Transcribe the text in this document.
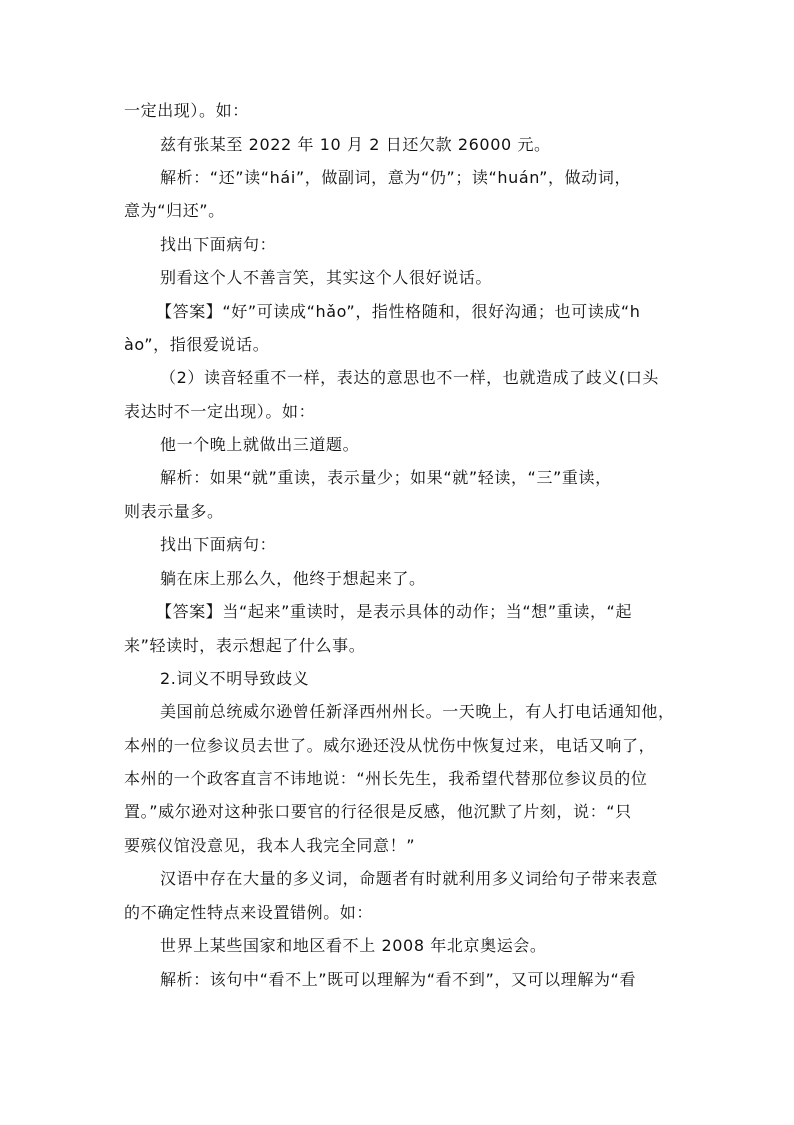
一定出现）。如：
兹有张某至 2022 年 10 月 2 日还欠款 26000 元。
解析：“还”读“hái”，做副词，意为“仍”；读“huán”，做动词，
意为“归还”。
找出下面病句：
别看这个人不善言笑，其实这个人很好说话。
【答案】“好”可读成“hǎo”，指性格随和，很好沟通；也可读成“h
ào”，指很爱说话。
（2）读音轻重不一样，表达的意思也不一样，也就造成了歧义(口头
表达时不一定出现）。如：
他一个晚上就做出三道题。
解析：如果“就”重读，表示量少；如果“就”轻读，“三”重读，
则表示量多。
找出下面病句：
躺在床上那么久，他终于想起来了。
【答案】当“起来”重读时，是表示具体的动作；当“想”重读，“起
来”轻读时，表示想起了什么事。
2.词义不明导致歧义
美国前总统威尔逊曾任新泽西州州长。一天晚上，有人打电话通知他，
本州的一位参议员去世了。威尔逊还没从忧伤中恢复过来，电话又响了，
本州的一个政客直言不讳地说：“州长先生，我希望代替那位参议员的位
置。”威尔逊对这种张口要官的行径很是反感，他沉默了片刻，说：“只
要殡仪馆没意见，我本人我完全同意！”
汉语中存在大量的多义词，命题者有时就利用多义词给句子带来表意
的不确定性特点来设置错例。如：
世界上某些国家和地区看不上 2008 年北京奥运会。
解析：该句中“看不上”既可以理解为“看不到”，又可以理解为“看
